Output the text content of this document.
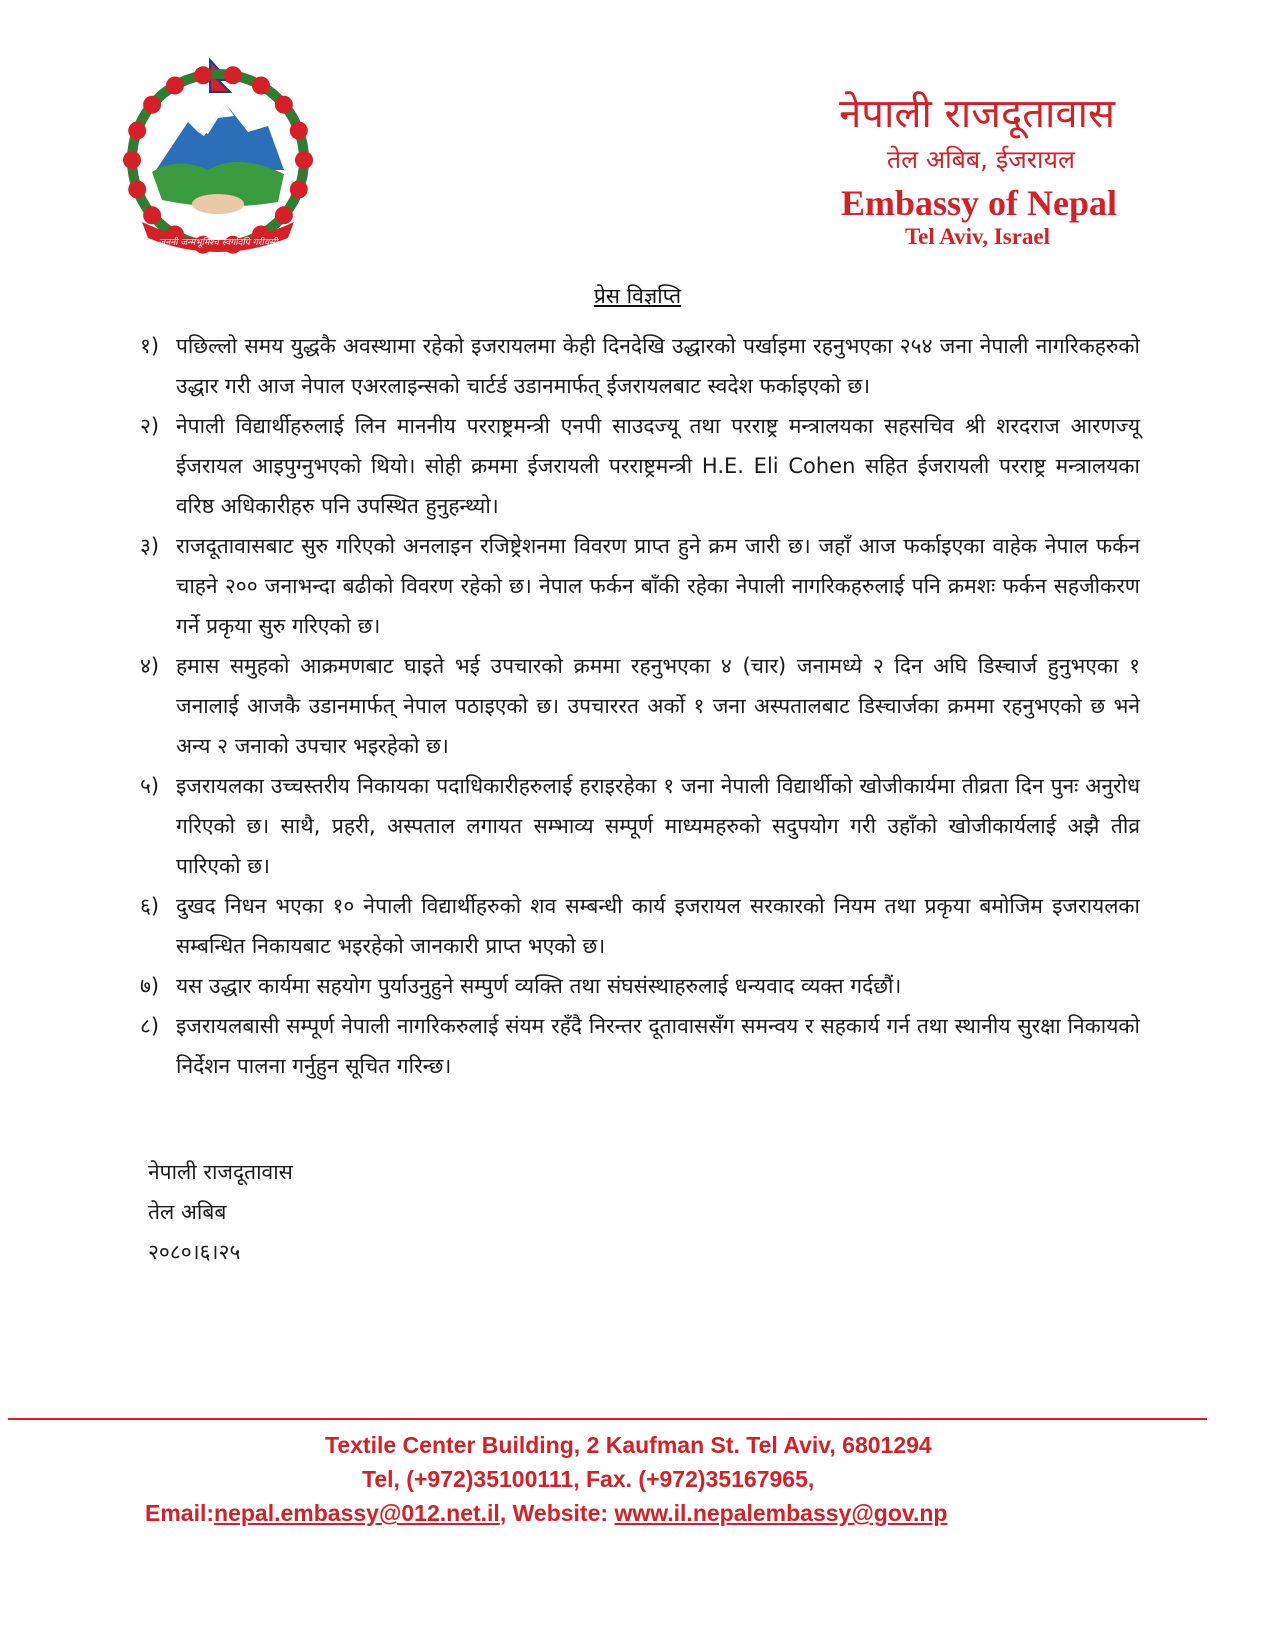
जननी जन्मभूमिश्च स्वर्गादपि गरीयसी
नेपाली राजदूतावास
तेल अबिब, ईजरायल
Embassy of Nepal
Tel Aviv, Israel
प्रेस विज्ञप्ति
१) पछिल्लो समय युद्धकै अवस्थामा रहेको इजरायलमा केही दिनदेखि उद्धारको पर्खाइमा रहनुभएका २५४ जना नेपाली नागरिकहरुको उद्धार गरी आज नेपाल एअरलाइन्सको चार्टर्ड उडानमार्फत् ईजरायलबाट स्वदेश फर्काइएको छ।
२) नेपाली विद्यार्थीहरुलाई लिन माननीय परराष्ट्रमन्त्री एनपी साउदज्यू तथा परराष्ट्र मन्त्रालयका सहसचिव श्री शरदराज आरणज्यू ईजरायल आइपुग्नुभएको थियो। सोही क्रममा ईजरायली परराष्ट्रमन्त्री H.E. Eli Cohen सहित ईजरायली परराष्ट्र मन्त्रालयका वरिष्ठ अधिकारीहरु पनि उपस्थित हुनुहन्थ्यो।
३) राजदूतावासबाट सुरु गरिएको अनलाइन रजिष्ट्रेशनमा विवरण प्राप्त हुने क्रम जारी छ। जहाँ आज फर्काइएका वाहेक नेपाल फर्कन चाहने २०० जनाभन्दा बढीको विवरण रहेको छ। नेपाल फर्कन बाँकी रहेका नेपाली नागरिकहरुलाई पनि क्रमशः फर्कन सहजीकरण गर्ने प्रकृया सुरु गरिएको छ।
४) हमास समुहको आक्रमणबाट घाइते भई उपचारको क्रममा रहनुभएका ४ (चार) जनामध्ये २ दिन अघि डिस्चार्ज हुनुभएका १ जनालाई आजकै उडानमार्फत् नेपाल पठाइएको छ। उपचाररत अर्को १ जना अस्पतालबाट डिस्चार्जका क्रममा रहनुभएको छ भने अन्य २ जनाको उपचार भइरहेको छ।
५) इजरायलका उच्चस्तरीय निकायका पदाधिकारीहरुलाई हराइरहेका १ जना नेपाली विद्यार्थीको खोजीकार्यमा तीव्रता दिन पुनः अनुरोध गरिएको छ। साथै, प्रहरी, अस्पताल लगायत सम्भाव्य सम्पूर्ण माध्यमहरुको सदुपयोग गरी उहाँको खोजीकार्यलाई अझै तीव्र पारिएको छ।
६) दुखद निधन भएका १० नेपाली विद्यार्थीहरुको शव सम्बन्धी कार्य इजरायल सरकारको नियम तथा प्रकृया बमोजिम इजरायलका सम्बन्धित निकायबाट भइरहेको जानकारी प्राप्त भएको छ।
७) यस उद्धार कार्यमा सहयोग पुर्याउनुहुने सम्पुर्ण व्यक्ति तथा संघसंस्थाहरुलाई धन्यवाद व्यक्त गर्दछौं।
८) इजरायलबासी सम्पूर्ण नेपाली नागरिकरुलाई संयम रहँदै निरन्तर दूतावाससँग समन्वय र सहकार्य गर्न तथा स्थानीय सुरक्षा निकायको निर्देशन पालना गर्नुहुन सूचित गरिन्छ।
नेपाली राजदूतावास
तेल अबिब
२०८०।६।२५
Textile Center Building, 2 Kaufman St. Tel Aviv, 6801294
Tel, (+972)35100111, Fax. (+972)35167965,
Email:nepal.embassy@012.net.il, Website: www.il.nepalembassy@gov.np
